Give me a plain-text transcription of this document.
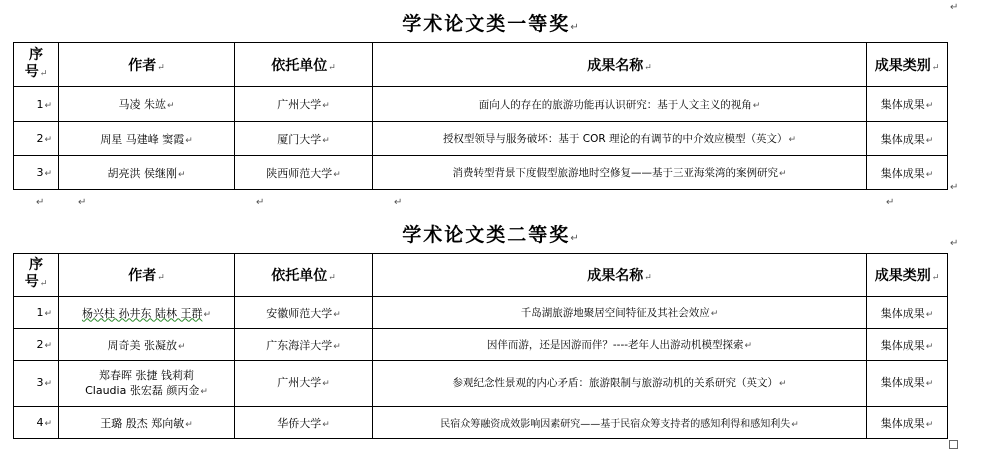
学术论文类一等奖↵
序
号↵	作者↵	依托单位↵	成果名称↵	成果类别↵
1↵	马凌 朱竑↵	广州大学↵	面向人的存在的旅游功能再认识研究：基于人文主义的视角↵	集体成果↵
2↵	周星 马建峰 窦霞↵	厦门大学↵	授权型领导与服务破坏：基于 COR 理论的有调节的中介效应模型（英文）↵	集体成果↵
3↵	胡亮洪 侯继刚↵	陕西师范大学↵	消费转型背景下度假型旅游地时空修复——基于三亚海棠湾的案例研究↵	集体成果↵
↵	↵	↵	↵	↵
↵
↵
学术论文类二等奖↵
序
号↵	作者↵	依托单位↵	成果名称↵	成果类别↵
1↵	杨兴柱 孙井东 陆林 王群↵	安徽师范大学↵	千岛湖旅游地聚居空间特征及其社会效应↵	集体成果↵
2↵	周奇美 张凝放↵	广东海洋大学↵	因伴而游，还是因游而伴？----老年人出游动机模型探索↵	集体成果↵
3↵	郑春晖 张捷 钱莉莉
Claudia 张宏磊 颜丙金↵	广州大学↵	参观纪念性景观的内心矛盾：旅游限制与旅游动机的关系研究（英文）↵	集体成果↵
4↵	王璐 殷杰 郑向敏↵	华侨大学↵	民宿众筹融资成效影响因素研究——基于民宿众筹支持者的感知利得和感知利失↵	集体成果↵
↵
